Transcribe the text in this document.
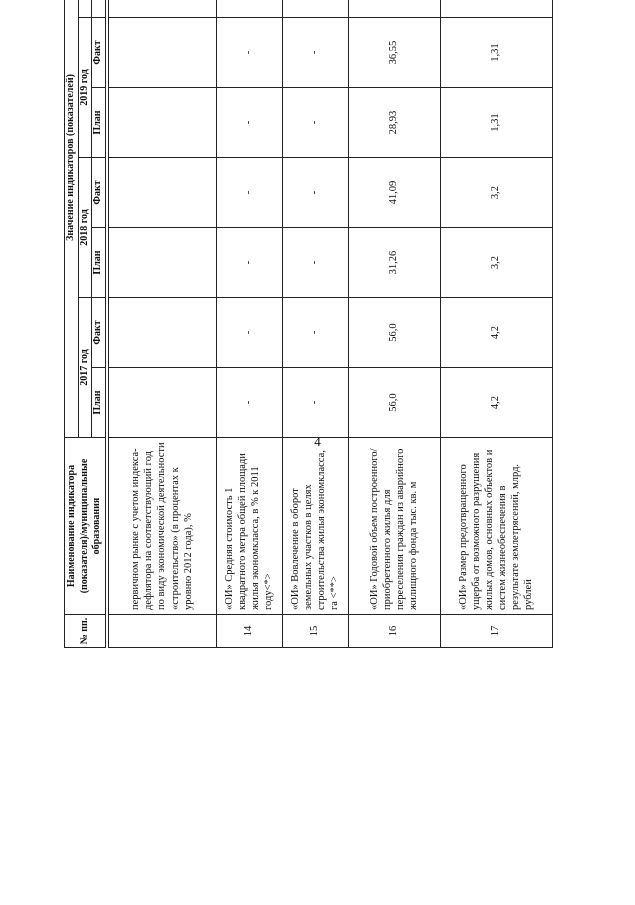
4
№ пп.	Наименование индикатора (показателя)/муниципальные образования	Значение индикаторов (показателей)							
		2017 год		2018 год		2019 год	
		План	Факт	План	Факт	План	Факт		

	первичном рынке с учетом индекса-дефлятора на соответствующий год по виду экономической деятельности «строительство» (в процентах к уровню 2012 года), %								
14	«ОИ» Средняя стоимость 1 квадратного метра общей площади жилья экономкласса, в % к 2011 году<*>	-	-	-	-	-	-		
15	«ОИ» Вовлечение в оборот земельных участков в целях строительства жилья экономкласса, га <**>	-	-	-	-	-	-		
16	«ОИ» Годовой объем построенного/приобретенного жилья для переселения граждан из аварийного жилищного фонда тыс. кв. м	56,0	56,0	31,26	41,09	28,93	36,55		
17	«ОИ» Размер предотвращенного ущерба от возможного разрушения жилых домов, основных объектов и систем жизнеобеспечения в результате землетрясений, млрд. рублей	4,2	4,2	3,2	3,2	1,31	1,31		
